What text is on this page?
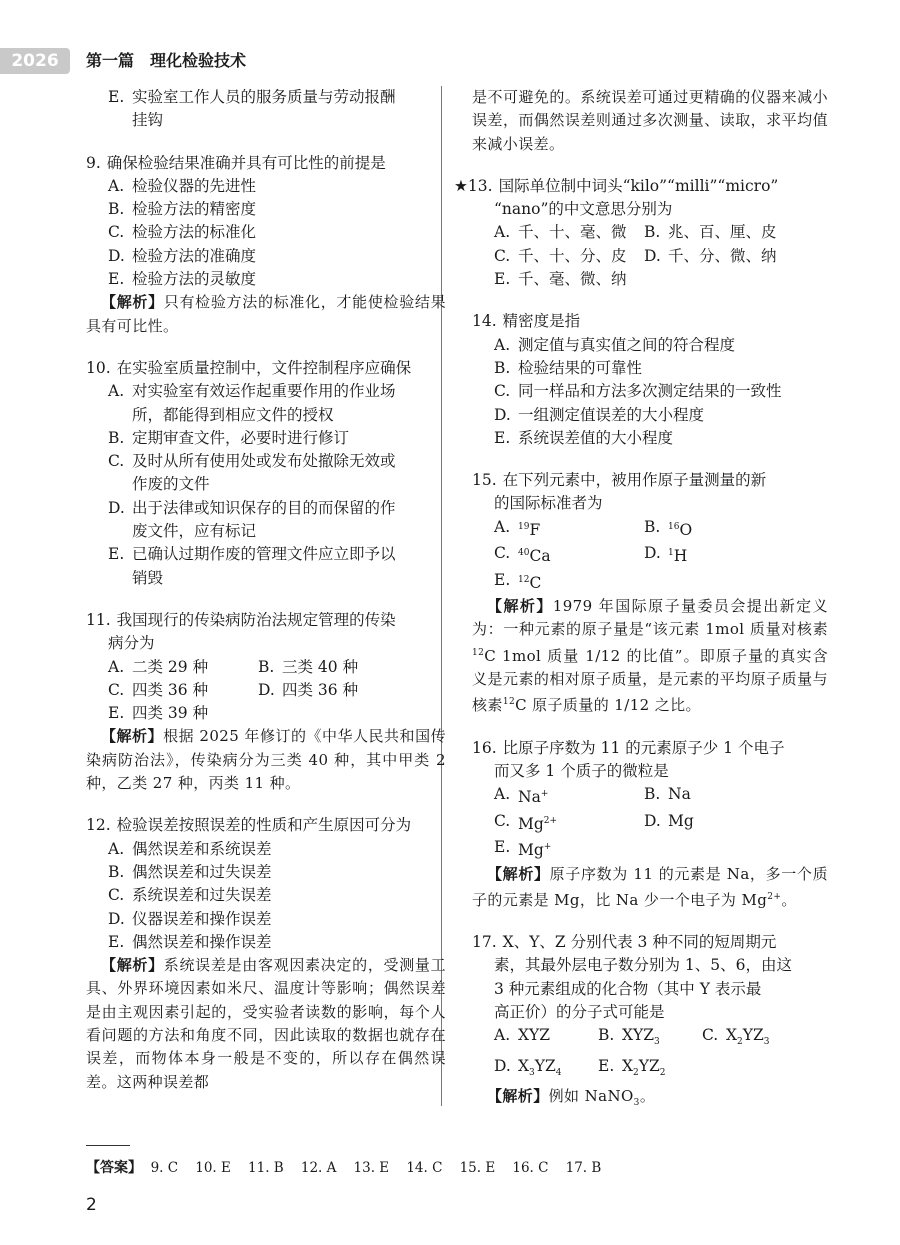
2026	第一篇　理化检验技术
E. 实验室工作人员的服务质量与劳动报酬
挂钩
9. 确保检验结果准确并具有可比性的前提是
A. 检验仪器的先进性
B. 检验方法的精密度
C. 检验方法的标准化
D. 检验方法的准确度
E. 检验方法的灵敏度
【解析】只有检验方法的标准化，才能使检验结果具有可比性。
10. 在实验室质量控制中，文件控制程序应确保
A. 对实验室有效运作起重要作用的作业场
所，都能得到相应文件的授权
B. 定期审查文件，必要时进行修订
C. 及时从所有使用处或发布处撤除无效或
作废的文件
D. 出于法律或知识保存的目的而保留的作
废文件，应有标记
E. 已确认过期作废的管理文件应立即予以
销毁
11. 我国现行的传染病防治法规定管理的传染
病分为
A. 二类 29 种	B. 三类 40 种
C. 四类 36 种	D. 四类 36 种
E. 四类 39 种
【解析】根据 2025 年修订的《中华人民共和国传染病防治法》，传染病分为三类 40 种，其中甲类 2 种，乙类 27 种，丙类 11 种。
12. 检验误差按照误差的性质和产生原因可分为
A. 偶然误差和系统误差
B. 偶然误差和过失误差
C. 系统误差和过失误差
D. 仪器误差和操作误差
E. 偶然误差和操作误差
【解析】系统误差是由客观因素决定的，受测量工具、外界环境因素如米尺、温度计等影响；偶然误差是由主观因素引起的，受实验者读数的影响，每个人看问题的方法和角度不同，因此读取的数据也就存在误差，而物体本身一般是不变的，所以存在偶然误差。这两种误差都
是不可避免的。系统误差可通过更精确的仪器来减小误差，而偶然误差则通过多次测量、读取，求平均值来减小误差。
★ 13. 国际单位制中词头“kilo”“milli”“micro”
“nano”的中文意思分别为
A. 千、十、毫、微 B. 兆、百、厘、皮
C. 千、十、分、皮 D. 千、分、微、纳
E. 千、毫、微、纳
14. 精密度是指
A. 测定值与真实值之间的符合程度
B. 检验结果的可靠性
C. 同一样品和方法多次测定结果的一致性
D. 一组测定值误差的大小程度
E. 系统误差值的大小程度
15. 在下列元素中，被用作原子量测量的新
的国际标准者为
A. $^{19}$F	B. $^{16}$O
C. $^{40}$Ca	D. $^1$H
E. $^{12}$C
【解析】1979 年国际原子量委员会提出新定义为：一种元素的原子量是“该元素 1mol 质量对核素$^{12}$C 1mol 质量 1/12 的比值”。即原子量的真实含义是元素的相对原子质量，是元素的平均原子质量与核素$^{12}$C 原子质量的 1/12 之比。
16. 比原子序数为 11 的元素原子少 1 个电子
而又多 1 个质子的微粒是
A. Na+	B. Na
C. $Mg^{2+}$	D. Mg
E. Mg+
【解析】原子序数为 11 的元素是 Na，多一个质子的元素是 Mg，比 Na 少一个电子为 $Mg^{2+}$。
17. X、Y、Z 分别代表 3 种不同的短周期元
素，其最外层电子数分别为 1、5、6，由这
3 种元素组成的化合物（其中 Y 表示最
高正价）的分子式可能是
A. XYZ	B. $XYZ_3$	C. $X_2YZ_3$
D. $X_3YZ_4$ E. $X_2YZ_2$
【解析】例如 NaNO$_3$。
【答案】  9. C    10. E    11. B    12. A    13. E    14. C    15. E    16. C    17. B
2
